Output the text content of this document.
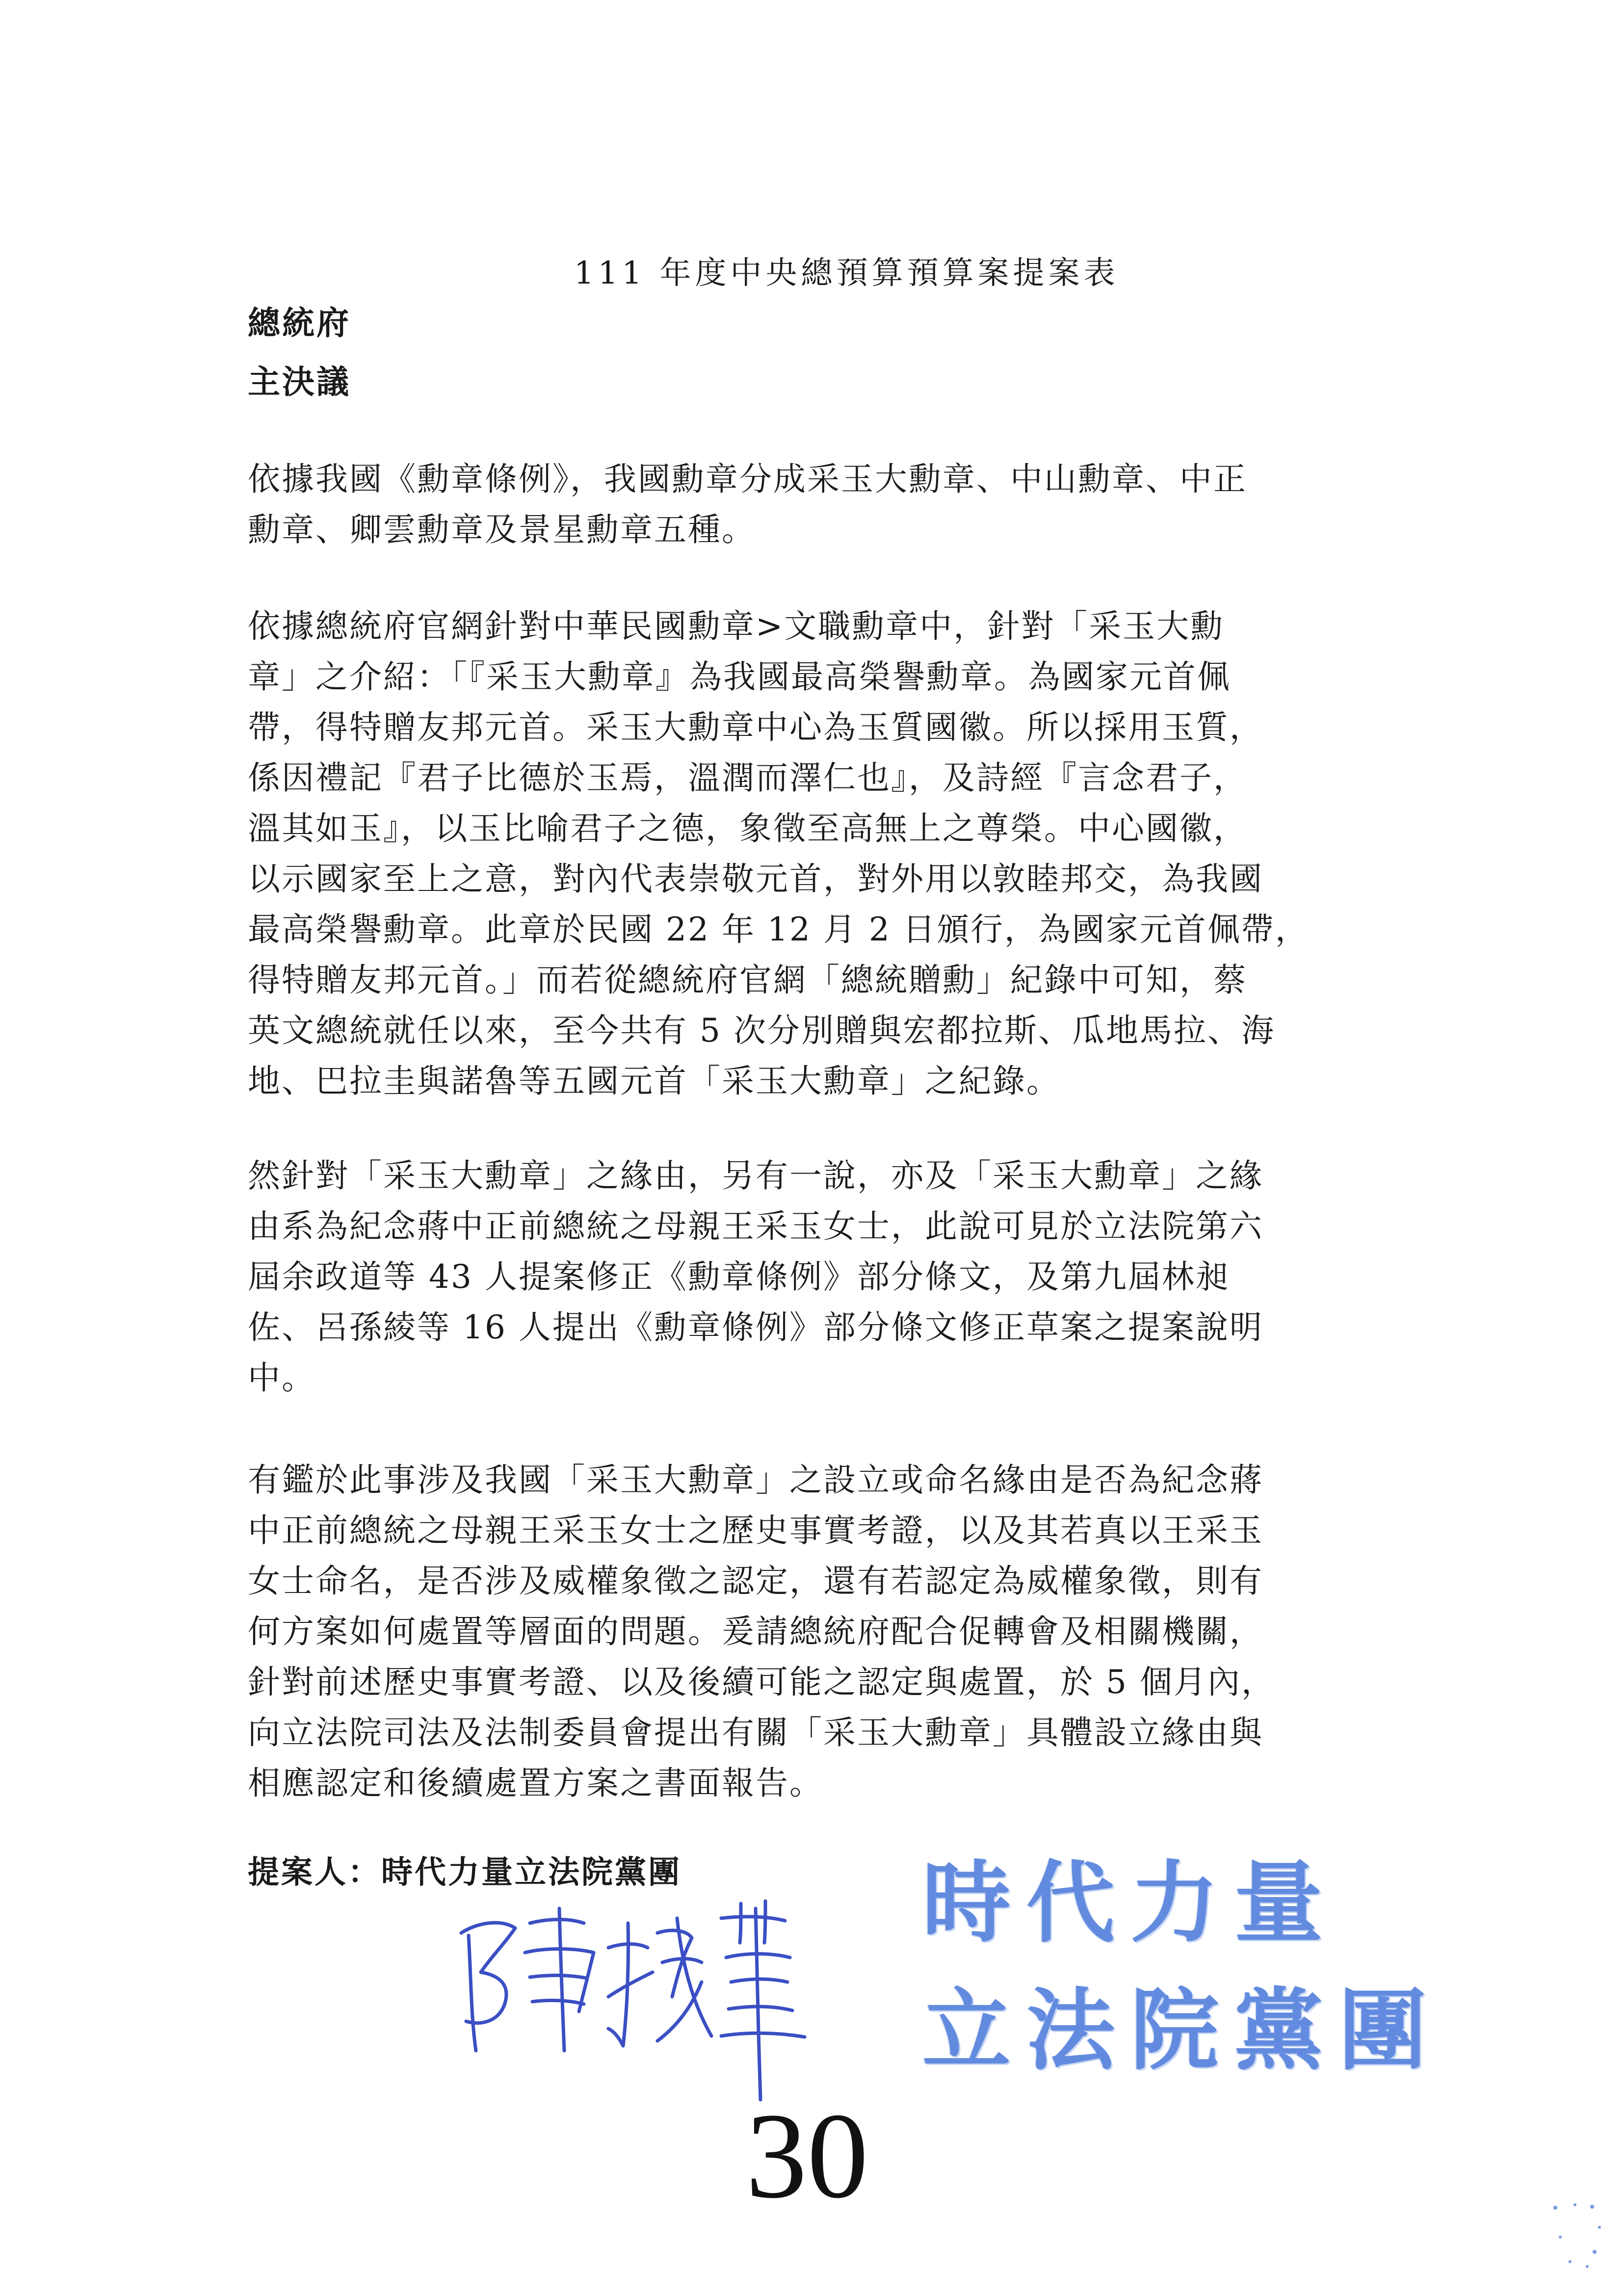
111 年度中央總預算預算案提案表
總統府
主決議
依據我國《勳章條例》，我國勳章分成采玉大勳章、中山勳章、中正
勳章、卿雲勳章及景星勳章五種。
依據總統府官網針對中華民國勳章>文職勳章中，針對「采玉大勳
章」之介紹：「『采玉大勳章』為我國最高榮譽勳章。為國家元首佩
帶，得特贈友邦元首。采玉大勳章中心為玉質國徽。所以採用玉質，
係因禮記『君子比德於玉焉，溫潤而澤仁也』，及詩經『言念君子，
溫其如玉』，以玉比喻君子之德，象徵至高無上之尊榮。中心國徽，
以示國家至上之意，對內代表崇敬元首，對外用以敦睦邦交，為我國
最高榮譽勳章。此章於民國 22 年 12 月 2 日頒行，為國家元首佩帶，
得特贈友邦元首。」而若從總統府官網「總統贈勳」紀錄中可知，蔡
英文總統就任以來，至今共有 5 次分別贈與宏都拉斯、瓜地馬拉、海
地、巴拉圭與諾魯等五國元首「采玉大勳章」之紀錄。
然針對「采玉大勳章」之緣由，另有一說，亦及「采玉大勳章」之緣
由系為紀念蔣中正前總統之母親王采玉女士，此說可見於立法院第六
屆余政道等 43 人提案修正《勳章條例》部分條文，及第九屆林昶
佐、呂孫綾等 16 人提出《勳章條例》部分條文修正草案之提案說明
中。
有鑑於此事涉及我國「采玉大勳章」之設立或命名緣由是否為紀念蔣
中正前總統之母親王采玉女士之歷史事實考證，以及其若真以王采玉
女士命名，是否涉及威權象徵之認定，還有若認定為威權象徵，則有
何方案如何處置等層面的問題。爰請總統府配合促轉會及相關機關，
針對前述歷史事實考證、以及後續可能之認定與處置，於 5 個月內，
向立法院司法及法制委員會提出有關「采玉大勳章」具體設立緣由與
相應認定和後續處置方案之書面報告。
提案人：時代力量立法院黨團	時代力量
立法院黨團
30
